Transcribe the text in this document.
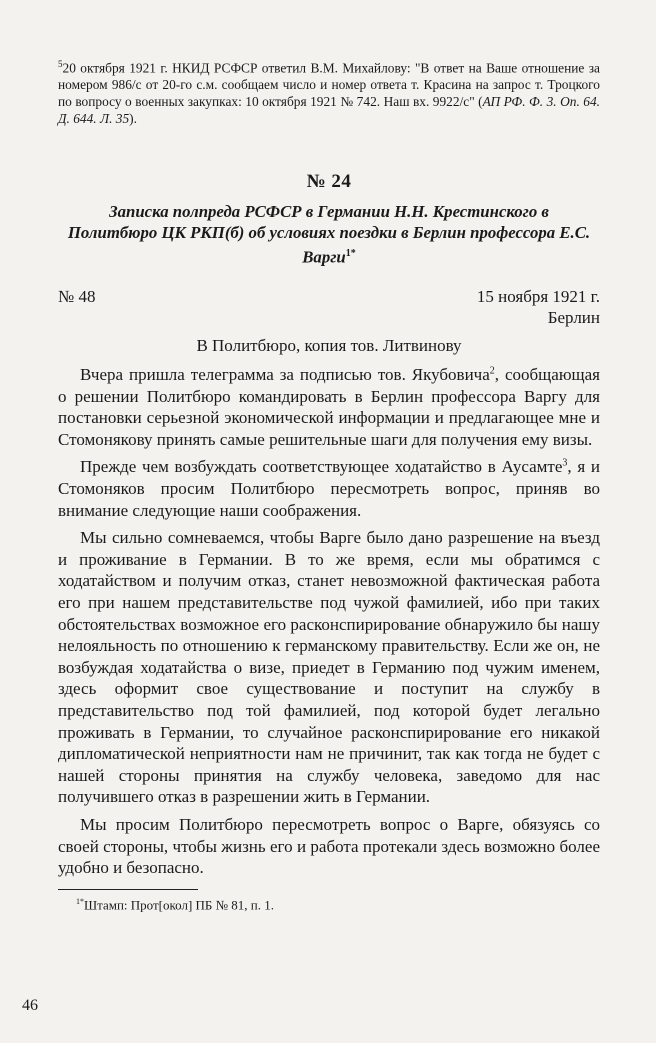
$^5$20 октября 1921 г. НКИД РСФСР ответил В.М. Михайлову: "В ответ на Ваше отношение за номером 986/с от 20-го с.м. сообщаем число и номер ответа т. Красина на запрос т. Троцкого по вопросу о военных закупках: 10 октября 1921 № 742. Наш вх. 9922/с" (АП РФ. Ф. 3. Оп. 64. Д. 644. Л. 35).

№ 24
Записка полпреда РСФСР в Германии Н.Н. Крестинского в Политбюро ЦК РКП(б) об условиях поездки в Берлин профессора Е.С. Варги$^{1*}$
№ 48	15 ноября 1921 г.
Берлин
В Политбюро, копия тов. Литвинову

Вчера пришла телеграмма за подписью тов. Якубовича$^2$, сообщающая о решении Политбюро командировать в Берлин профессора Варгу для постановки серьезной экономической информации и предлагающее мне и Стомонякову принять самые решительные шаги для получения ему визы.

Прежде чем возбуждать соответствующее ходатайство в Аусамте$^3$, я и Стомоняков просим Политбюро пересмотреть вопрос, приняв во внимание следующие наши соображения.

Мы сильно сомневаемся, чтобы Варге было дано разрешение на въезд и проживание в Германии. В то же время, если мы обратимся с ходатайством и получим отказ, станет невозможной фактическая работа его при нашем представительстве под чужой фамилией, ибо при таких обстоятельствах возможное его расконспирирование обнаружило бы нашу нелояльность по отношению к германскому правительству. Если же он, не возбуждая ходатайства о визе, приедет в Германию под чужим именем, здесь оформит свое существование и поступит на службу в представительство под той фамилией, под которой будет легально проживать в Германии, то случайное расконспирирование его никакой дипломатической неприятности нам не причинит, так как тогда не будет с нашей стороны принятия на службу человека, заведомо для нас получившего отказ в разрешении жить в Германии.

Мы просим Политбюро пересмотреть вопрос о Варге, обязуясь со своей стороны, чтобы жизнь его и работа протекали здесь возможно более удобно и безопасно.

$^{1*}$Штамп: Прот[окол] ПБ № 81, п. 1.
46
